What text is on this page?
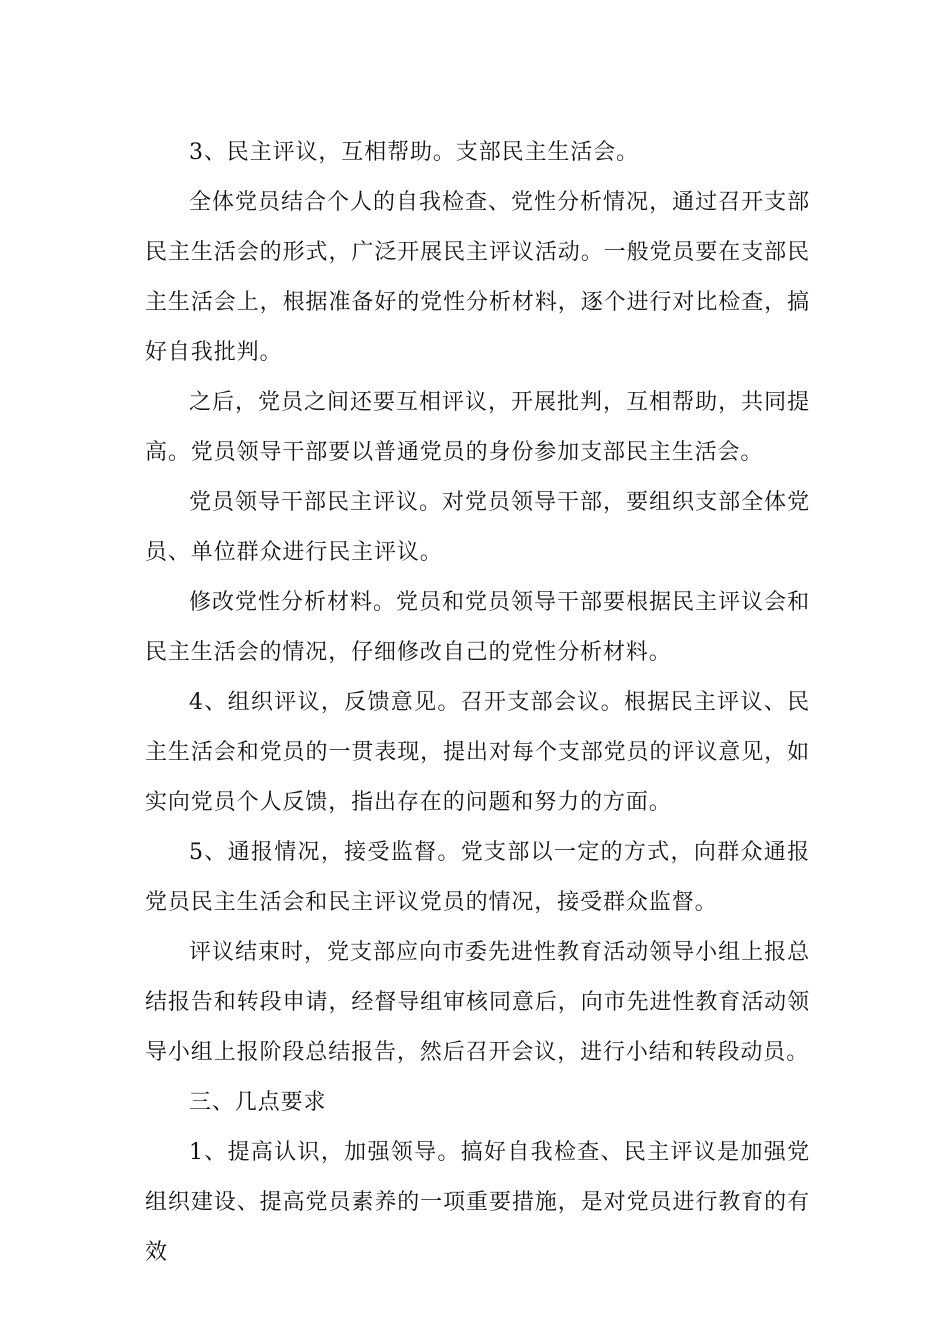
3、民主评议，互相帮助。支部民主生活会。

全体党员结合个人的自我检查、党性分析情况，通过召开支部民主生活会的形式，广泛开展民主评议活动。一般党员要在支部民主生活会上，根据准备好的党性分析材料，逐个进行对比检查，搞好自我批判。

之后，党员之间还要互相评议，开展批判，互相帮助，共同提高。党员领导干部要以普通党员的身份参加支部民主生活会。

党员领导干部民主评议。对党员领导干部，要组织支部全体党员、单位群众进行民主评议。

修改党性分析材料。党员和党员领导干部要根据民主评议会和民主生活会的情况，仔细修改自己的党性分析材料。

4、组织评议，反馈意见。召开支部会议。根据民主评议、民主生活会和党员的一贯表现，提出对每个支部党员的评议意见，如实向党员个人反馈，指出存在的问题和努力的方面。

5、通报情况，接受监督。党支部以一定的方式，向群众通报党员民主生活会和民主评议党员的情况，接受群众监督。

评议结束时，党支部应向市委先进性教育活动领导小组上报总结报告和转段申请，经督导组审核同意后，向市先进性教育活动领导小组上报阶段总结报告，然后召开会议，进行小结和转段动员。

三、几点要求

1、提高认识，加强领导。搞好自我检查、民主评议是加强党组织建设、提高党员素养的一项重要措施，是对党员进行教育的有效
